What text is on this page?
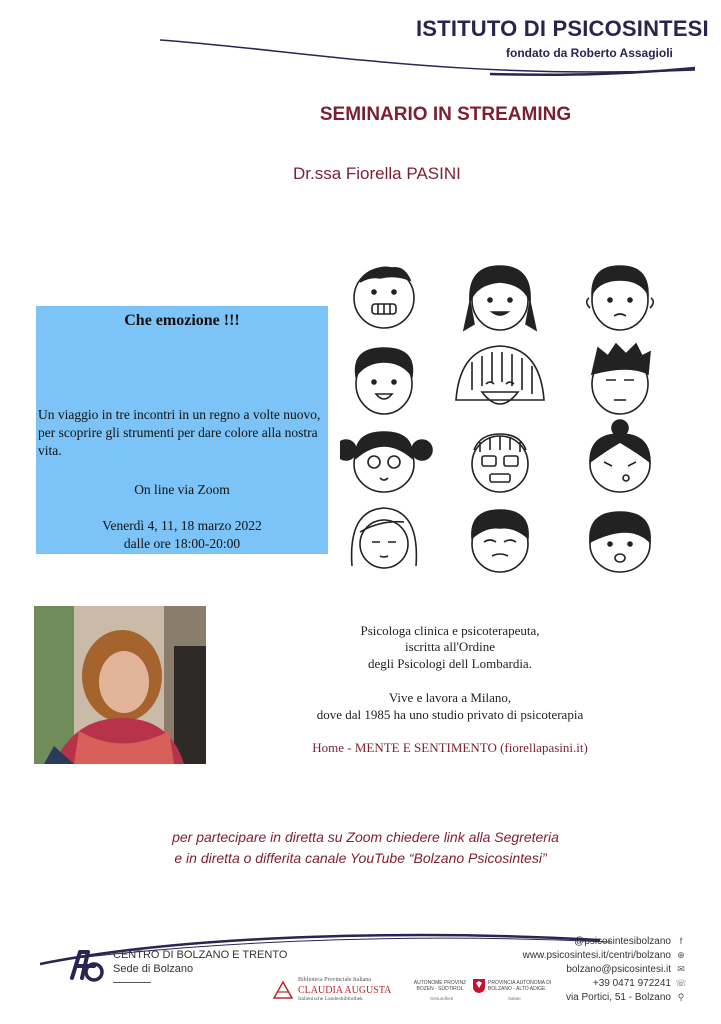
ISTITUTO DI PSICOSINTESI
fondato da Roberto Assagioli
SEMINARIO IN STREAMING
Dr.ssa Fiorella PASINI
Che emozione !!!
Un viaggio in tre incontri in un regno a volte nuovo, per scoprire gli strumenti per dare colore alla nostra vita.
On line via Zoom
Venerdì 4, 11, 18 marzo 2022
dalle ore 18:00-20:00
Psicologa clinica e psicoterapeuta,
iscritta all'Ordine
degli Psicologi dell Lombardia.
Vive e lavora a Milano,
dove dal 1985 ha uno studio privato di psicoterapia
Home - MENTE E SENTIMENTO (fiorellapasini.it)
per partecipare in diretta su Zoom chiedere link alla Segreteria
e in diretta o differita canale YouTube “Bolzano Psicosintesi”
CENTRO DI BOLZANO E TRENTO
Sede di Bolzano
Biblioteca Provinciale Italiana
CLAUDIA AUGUSTA
Italienische Landesbibliothek
AUTONOME PROVINZ BOZEN - SÜDTIROL
PROVINCIA AUTONOMA DI BOLZANO - ALTO ADIGE
Gesundheit	Salute
@psicosintesibolzano f
www.psicosintesi.it/centri/bolzano ⊕
bolzano@psicosintesi.it ✉
+39 0471 972241 ☏
via Portici, 51 - Bolzano ⚲
